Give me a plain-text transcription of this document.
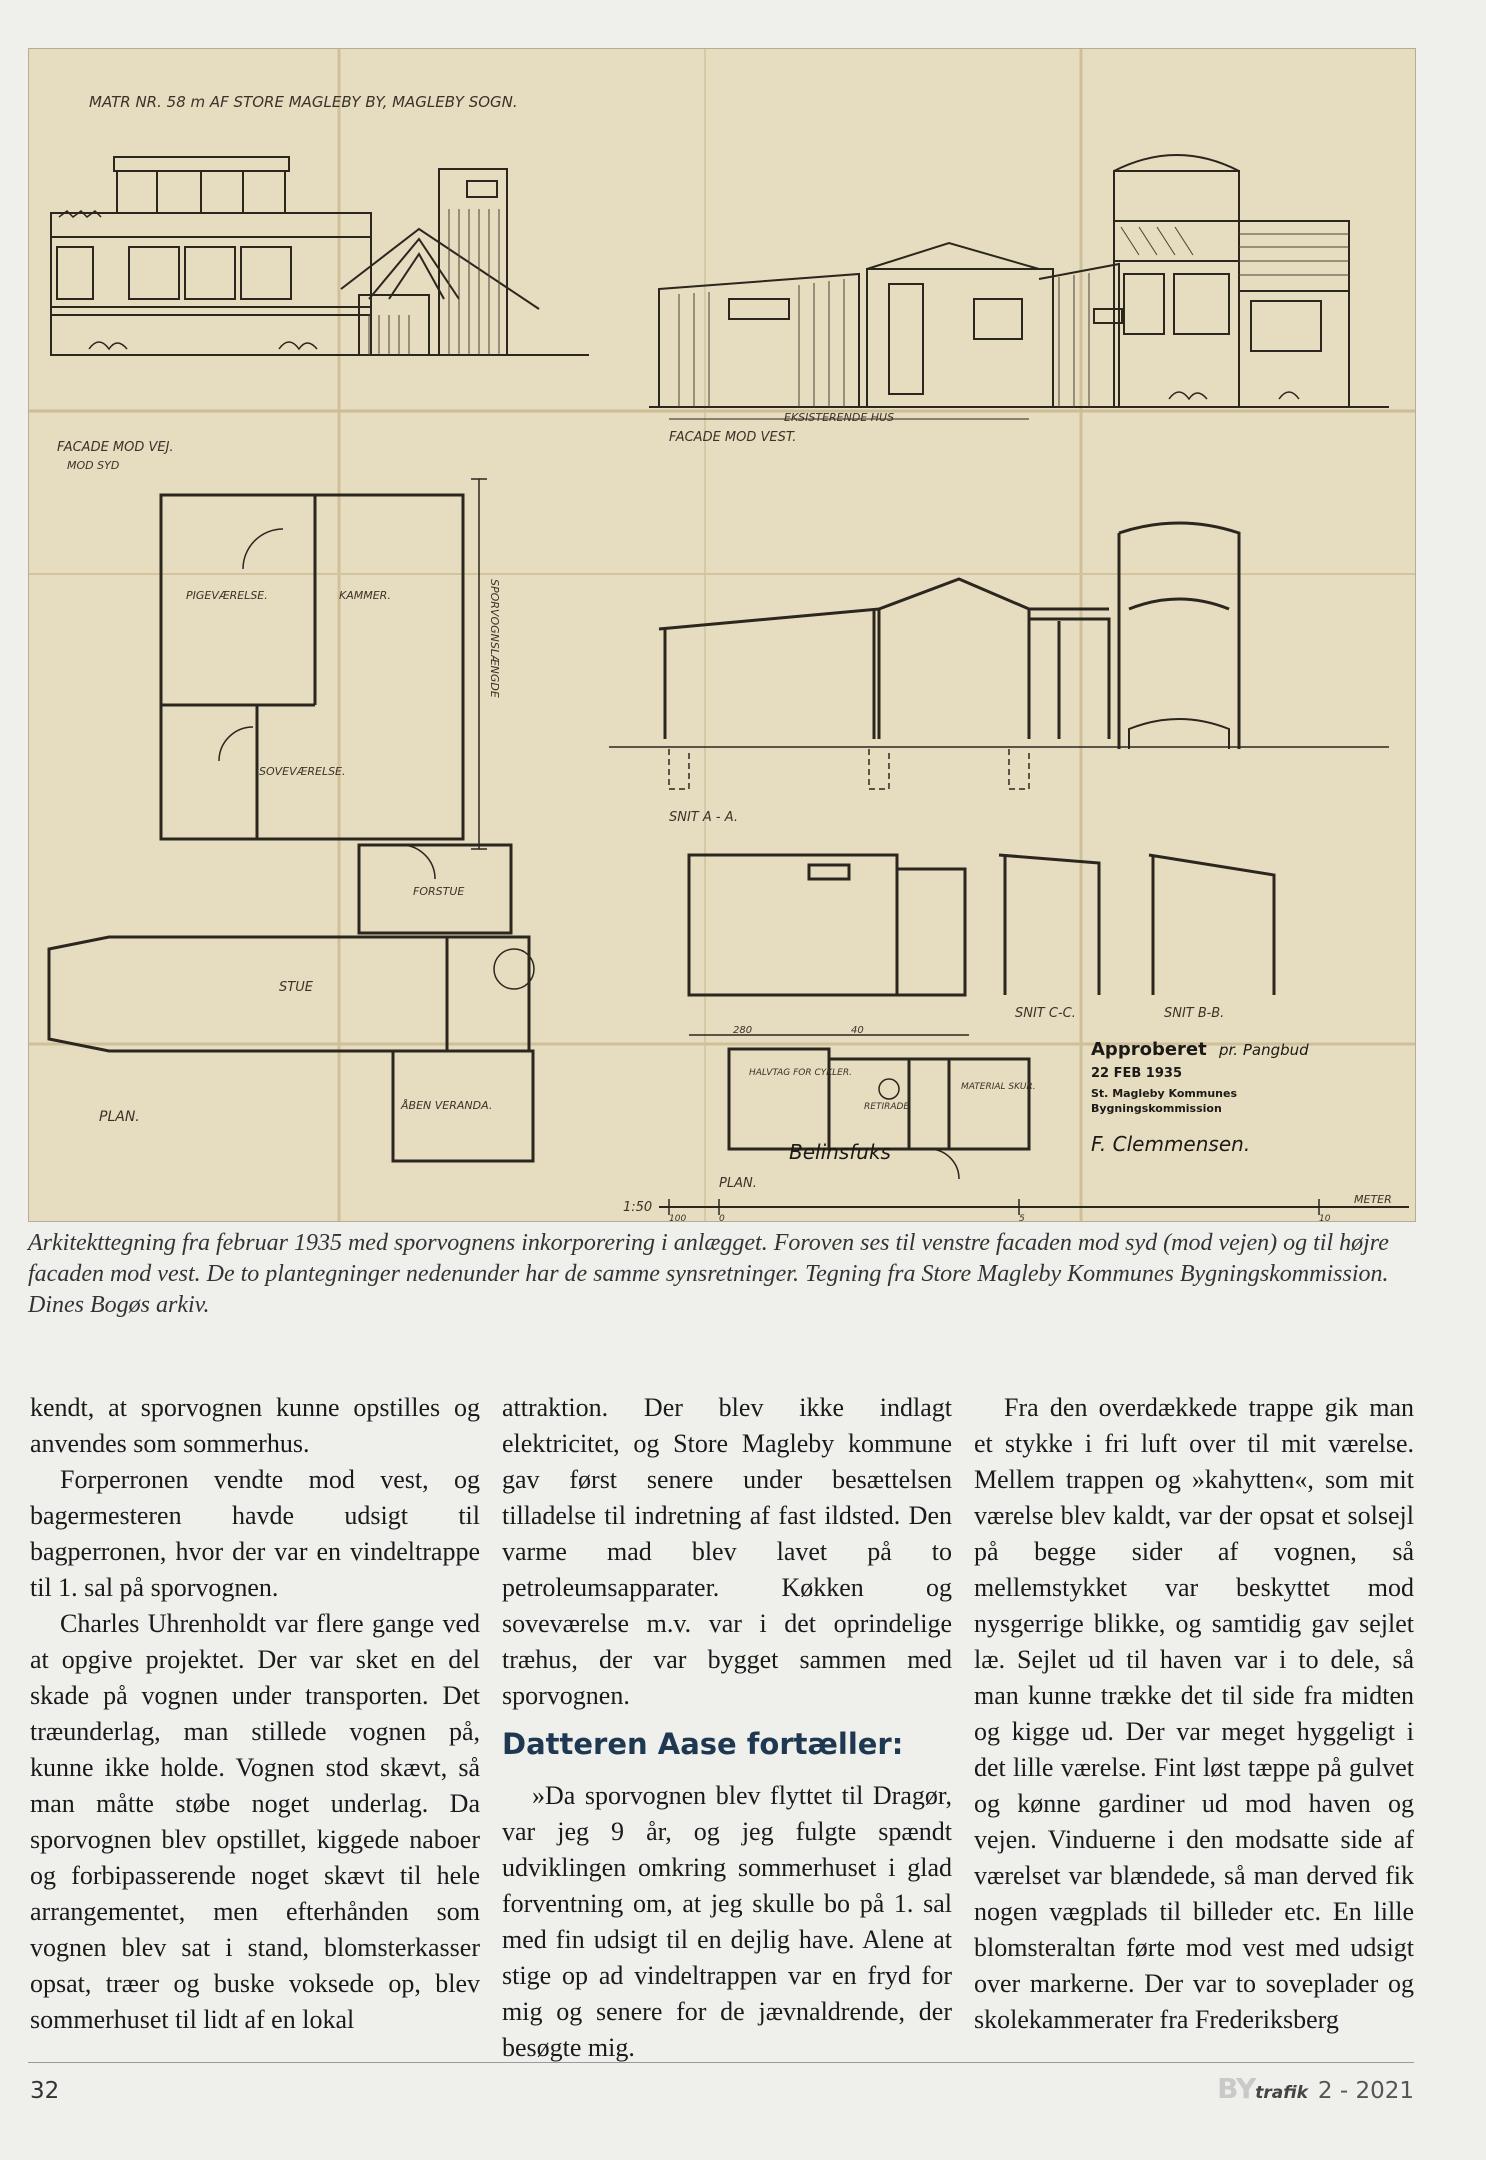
MATR NR. 58 m AF STORE MAGLEBY BY, MAGLEBY SOGN.
FACADE MOD VEJ.
MOD SYD
EKSISTERENDE HUS
FACADE MOD VEST.
PIGEVÆRELSE.	KAMMER.
SOVEVÆRELSE.
FORSTUE
STUE
ÅBEN VERANDA.
SPORVOGNSLÆNGDE
PLAN.
SNIT A - A.
280	40
SNIT C-C.	SNIT B-B.
HALVTAG FOR CYKLER.
RETIRADE
MATERIAL SKUR.
PLAN.
Belinsfuks
Approberet pr. Pangbud
22 FEB 1935
St. Magleby Kommunes
Bygningskommission
F. Clemmensen.
1:50
100	0	5	10
METER
Arkitekttegning fra februar 1935 med sporvognens inkorporering i anlægget. Foroven ses til venstre facaden mod syd (mod vejen) og til højre facaden mod vest. De to plantegninger nedenunder har de samme synsretninger. Tegning fra Store Magleby Kommunes Bygningskommission. Dines Bogøs arkiv.

kendt, at sporvognen kunne opstilles og anvendes som sommerhus.

Forperronen vendte mod vest, og bagermesteren havde udsigt til bagperronen, hvor der var en vindeltrappe til 1. sal på sporvognen.

Charles Uhrenholdt var flere gange ved at opgive projektet. Der var sket en del skade på vognen under transporten. Det træunderlag, man stillede vognen på, kunne ikke holde. Vognen stod skævt, så man måtte støbe noget underlag. Da sporvognen blev opstillet, kiggede naboer og forbipasserende noget skævt til hele arrangementet, men efterhånden som vognen blev sat i stand, blomsterkasser opsat, træer og buske voksede op, blev sommerhuset til lidt af en lokal

attraktion. Der blev ikke indlagt elektricitet, og Store Magleby kommune gav først senere under besættelsen tilladelse til indretning af fast ildsted. Den varme mad blev lavet på to petroleumsapparater. Køkken og soveværelse m.v. var i det oprindelige træhus, der var bygget sammen med sporvognen.

Datteren Aase fortæller:

»Da sporvognen blev flyttet til Dragør, var jeg 9 år, og jeg fulgte spændt udviklingen omkring sommerhuset i glad forventning om, at jeg skulle bo på 1. sal med fin udsigt til en dejlig have. Alene at stige op ad vindeltrappen var en fryd for mig og senere for de jævnaldrende, der besøgte mig.

Fra den overdækkede trappe gik man et stykke i fri luft over til mit værelse. Mellem trappen og »kahytten«, som mit værelse blev kaldt, var der opsat et solsejl på begge sider af vognen, så mellemstykket var beskyttet mod nysgerrige blikke, og samtidig gav sejlet læ. Sejlet ud til haven var i to dele, så man kunne trække det til side fra midten og kigge ud. Der var meget hyggeligt i det lille værelse. Fint løst tæppe på gulvet og kønne gardiner ud mod haven og vejen. Vinduerne i den modsatte side af værelset var blændede, så man derved fik nogen vægplads til billeder etc. En lille blomsteraltan førte mod vest med udsigt over markerne. Der var to soveplader og skolekammerater fra Frederiksberg

32	BYtrafik 2 - 2021
